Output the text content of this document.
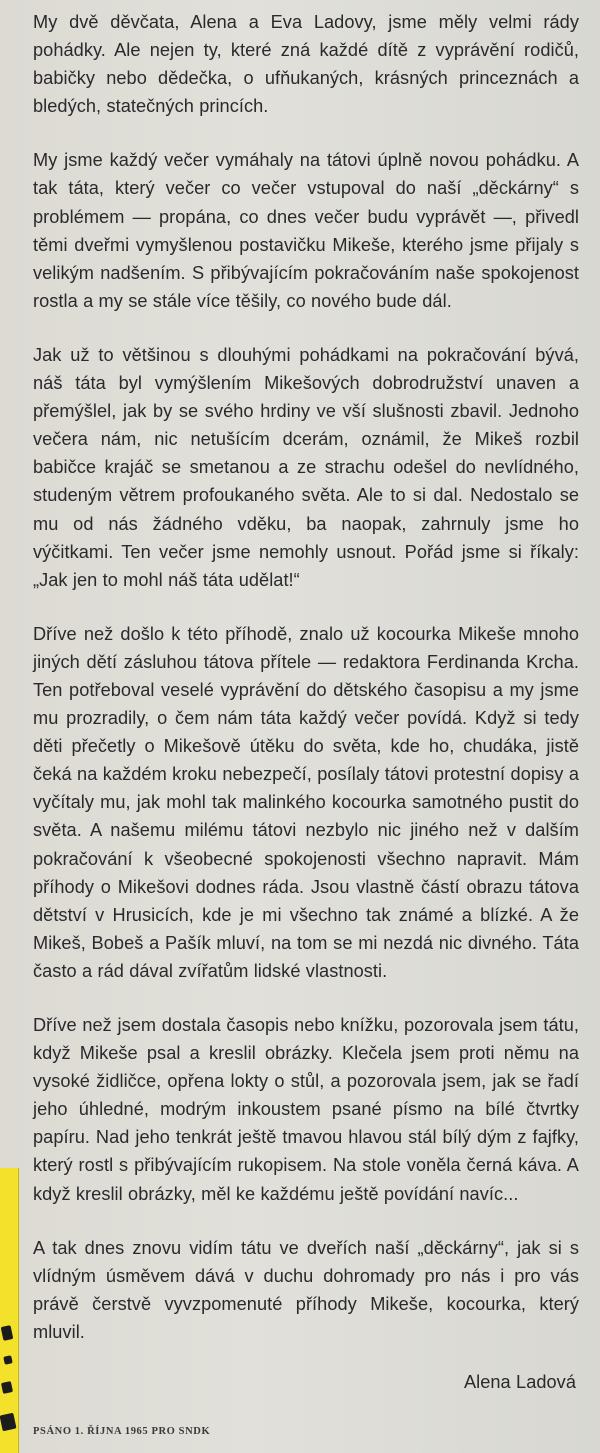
My dvě děvčata, Alena a Eva Ladovy, jsme měly velmi rády pohádky. Ale nejen ty, které zná každé dítě z vyprávění rodičů, babičky nebo dědečka, o ufňukaných, krásných princeznách a bledých, statečných princích.

My jsme každý večer vymáhaly na tátovi úplně novou pohádku. A tak táta, který večer co večer vstupoval do naší „děckárny“ s problémem — propána, co dnes večer budu vyprávět —, přivedl těmi dveřmi vymyšlenou postavičku Mikeše, kterého jsme přijaly s velikým nadšením. S přibývajícím pokračováním naše spokojenost rostla a my se stále více těšily, co nového bude dál.

Jak už to většinou s dlouhými pohádkami na pokračování bývá, náš táta byl vymýšlením Mikešových dobrodružství unaven a přemýšlel, jak by se svého hrdiny ve vší slušnosti zbavil. Jednoho večera nám, nic netušícím dcerám, oznámil, že Mikeš rozbil babičce krajáč se smetanou a ze strachu odešel do nevlídného, studeným větrem profoukaného světa. Ale to si dal. Nedostalo se mu od nás žádného vděku, ba naopak, zahrnuly jsme ho výčitkami. Ten večer jsme nemohly usnout. Pořád jsme si říkaly: „Jak jen to mohl náš táta udělat!“

Dříve než došlo k této příhodě, znalo už kocourka Mikeše mnoho jiných dětí zásluhou tátova přítele — redaktora Ferdinanda Krcha. Ten potřeboval veselé vyprávění do dětského časopisu a my jsme mu prozradily, o čem nám táta každý večer povídá. Když si tedy děti přečetly o Mikešově útěku do světa, kde ho, chudáka, jistě čeká na každém kroku nebezpečí, posílaly tátovi protestní dopisy a vyčítaly mu, jak mohl tak malinkého kocourka samotného pustit do světa. A našemu milému tátovi nezbylo nic jiného než v dalším pokračování k všeobecné spokojenosti všechno napravit. Mám příhody o Mikešovi dodnes ráda. Jsou vlastně částí obrazu tátova dětství v Hrusicích, kde je mi všechno tak známé a blízké. A že Mikeš, Bobeš a Pašík mluví, na tom se mi nezdá nic divného. Táta často a rád dával zvířatům lidské vlastnosti.

Dříve než jsem dostala časopis nebo knížku, pozorovala jsem tátu, když Mikeše psal a kreslil obrázky. Klečela jsem proti němu na vysoké židličce, opřena lokty o stůl, a pozorovala jsem, jak se řadí jeho úhledné, modrým inkoustem psané písmo na bílé čtvrtky papíru. Nad jeho tenkrát ještě tmavou hlavou stál bílý dým z fajfky, který rostl s přibývajícím rukopisem. Na stole voněla černá káva. A když kreslil obrázky, měl ke každému ještě povídání navíc...

A tak dnes znovu vidím tátu ve dveřích naší „děckárny“, jak si s vlídným úsměvem dává v duchu dohromady pro nás i pro vás právě čerstvě vyvzpomenuté příhody Mikeše, kocourka, který mluvil.

Alena Ladová
PSÁNO 1. ŘÍJNA 1965 PRO SNDK
